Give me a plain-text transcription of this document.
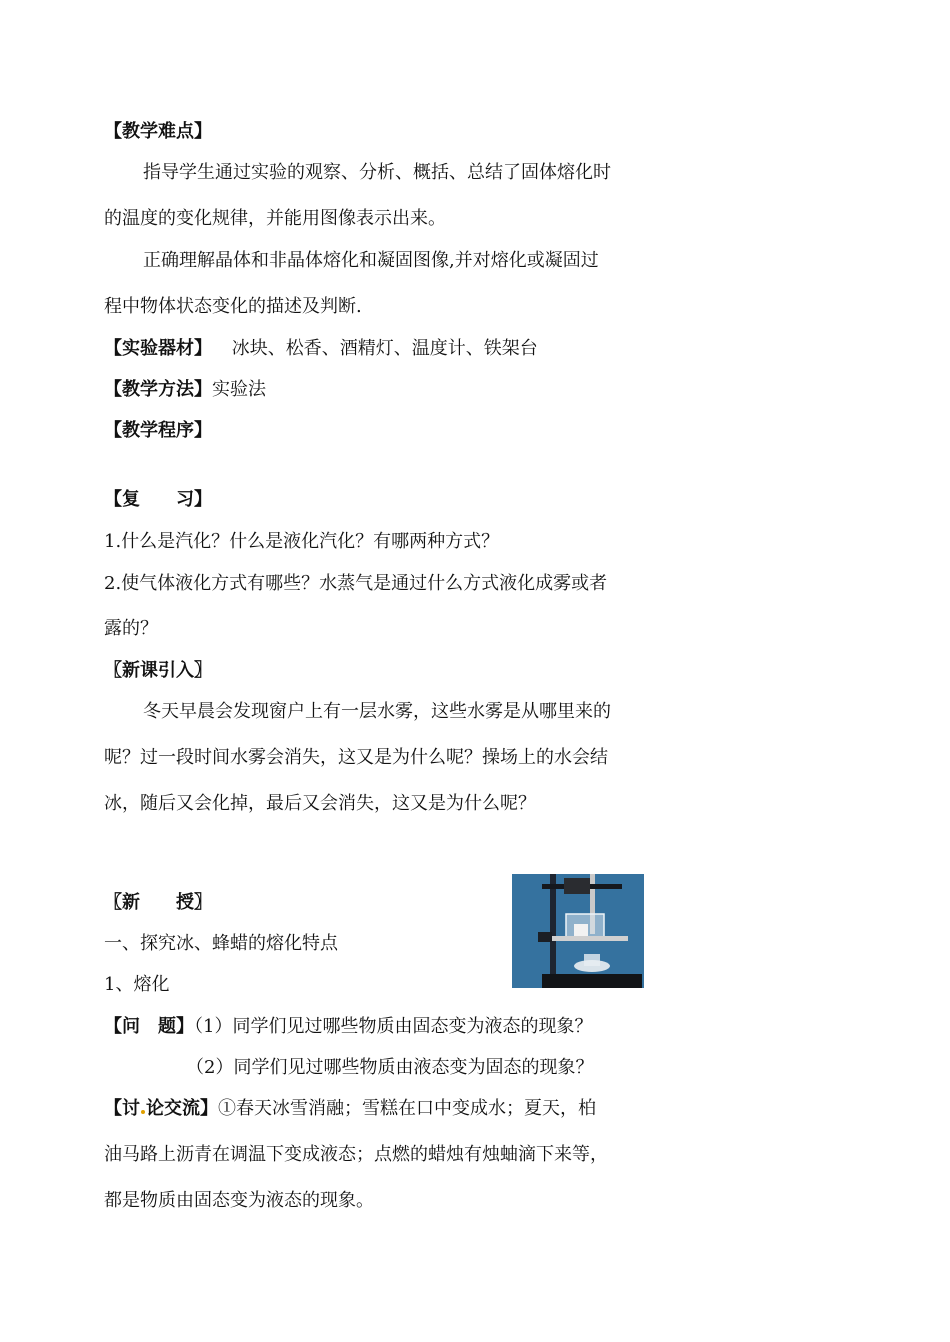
【教学难点】
指导学生通过实验的观察、分析、概括、总结了固体熔化时
的温度的变化规律，并能用图像表示出来。
正确理解晶体和非晶体熔化和凝固图像,并对熔化或凝固过
程中物体状态变化的描述及判断.
【实验器材】 冰块、松香、酒精灯、温度计、铁架台
【教学方法】实验法
【教学程序】
【复　　习】
1.什么是汽化？什么是液化汽化？有哪两种方式？
2.使气体液化方式有哪些？水蒸气是通过什么方式液化成雾或者
露的？
〖新课引入〗
冬天早晨会发现窗户上有一层水雾，这些水雾是从哪里来的
呢？过一段时间水雾会消失，这又是为什么呢？操场上的水会结
冰，随后又会化掉，最后又会消失，这又是为什么呢？
〖新　　授〗
一、探究冰、蜂蜡的熔化特点
1、熔化
【问　题】（1）同学们见过哪些物质由固态变为液态的现象？
（2）同学们见过哪些物质由液态变为固态的现象？
【讨 论交流】①春天冰雪消融；雪糕在口中变成水；夏天，柏
油马路上沥青在调温下变成液态；点燃的蜡烛有烛蚰滴下来等，
都是物质由固态变为液态的现象。
